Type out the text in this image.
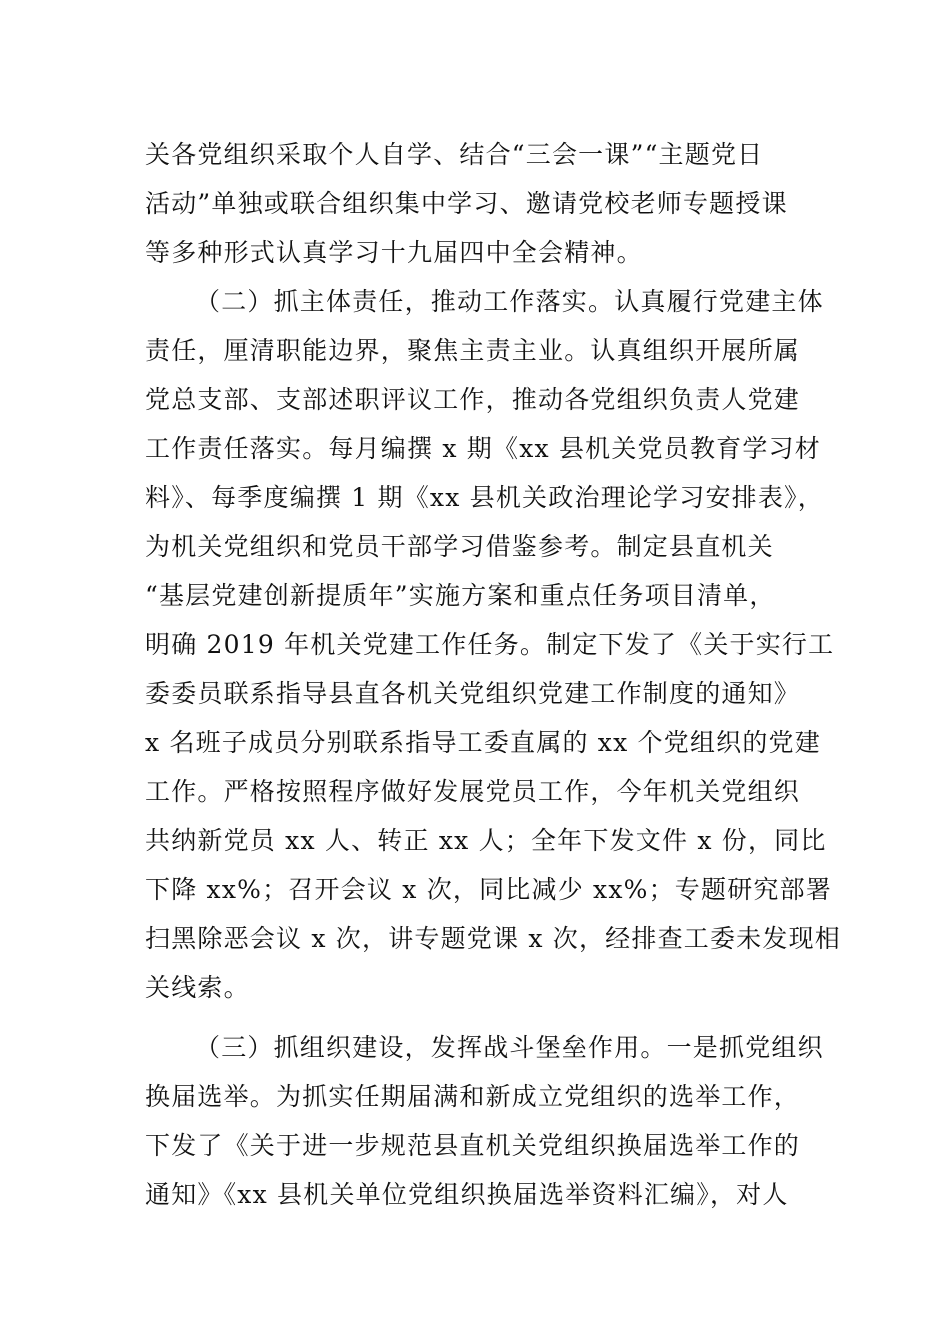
关各党组织采取个人自学、结合“三会一课”“主题党日
活动”单独或联合组织集中学习、邀请党校老师专题授课
等多种形式认真学习十九届四中全会精神。
（二）抓主体责任，推动工作落实。认真履行党建主体
责任，厘清职能边界，聚焦主责主业。认真组织开展所属
党总支部、支部述职评议工作，推动各党组织负责人党建
工作责任落实。每月编撰 x 期《xx 县机关党员教育学习材
料》、每季度编撰 1 期《xx 县机关政治理论学习安排表》，
为机关党组织和党员干部学习借鉴参考。制定县直机关
“基层党建创新提质年”实施方案和重点任务项目清单，
明确 2019 年机关党建工作任务。制定下发了《关于实行工
委委员联系指导县直各机关党组织党建工作制度的通知》
x 名班子成员分别联系指导工委直属的 xx 个党组织的党建
工作。严格按照程序做好发展党员工作，今年机关党组织
共纳新党员 xx 人、转正 xx 人；全年下发文件 x 份，同比
下降 xx%；召开会议 x 次，同比减少 xx%；专题研究部署
扫黑除恶会议 x 次，讲专题党课 x 次，经排查工委未发现相
关线索。
（三）抓组织建设，发挥战斗堡垒作用。一是抓党组织
换届选举。为抓实任期届满和新成立党组织的选举工作，
下发了《关于进一步规范县直机关党组织换届选举工作的
通知》《xx 县机关单位党组织换届选举资料汇编》，对人
